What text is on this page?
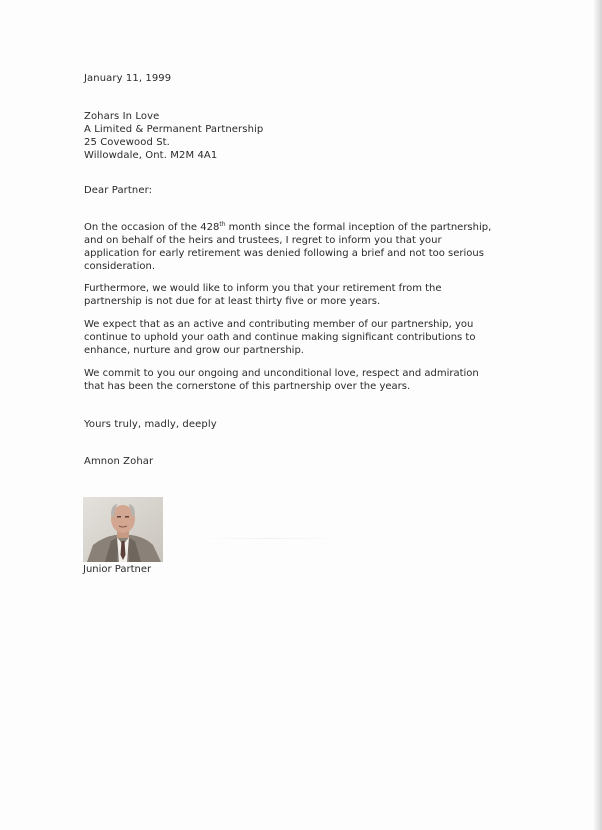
January 11, 1999
Zohars In Love
A Limited & Permanent Partnership
25 Covewood St.
Willowdale, Ont. M2M 4A1
Dear Partner:
On the occasion of the 428th month since the formal inception of the partnership,
and on behalf of the heirs and trustees, I regret to inform you that your
application for early retirement was denied following a brief and not too serious
consideration.
Furthermore, we would like to inform you that your retirement from the
partnership is not due for at least thirty five or more years.
We expect that as an active and contributing member of our partnership, you
continue to uphold your oath and continue making significant contributions to
enhance, nurture and grow our partnership.
We commit to you our ongoing and unconditional love, respect and admiration
that has been the cornerstone of this partnership over the years.
Yours truly, madly, deeply
Amnon Zohar
Junior Partner
